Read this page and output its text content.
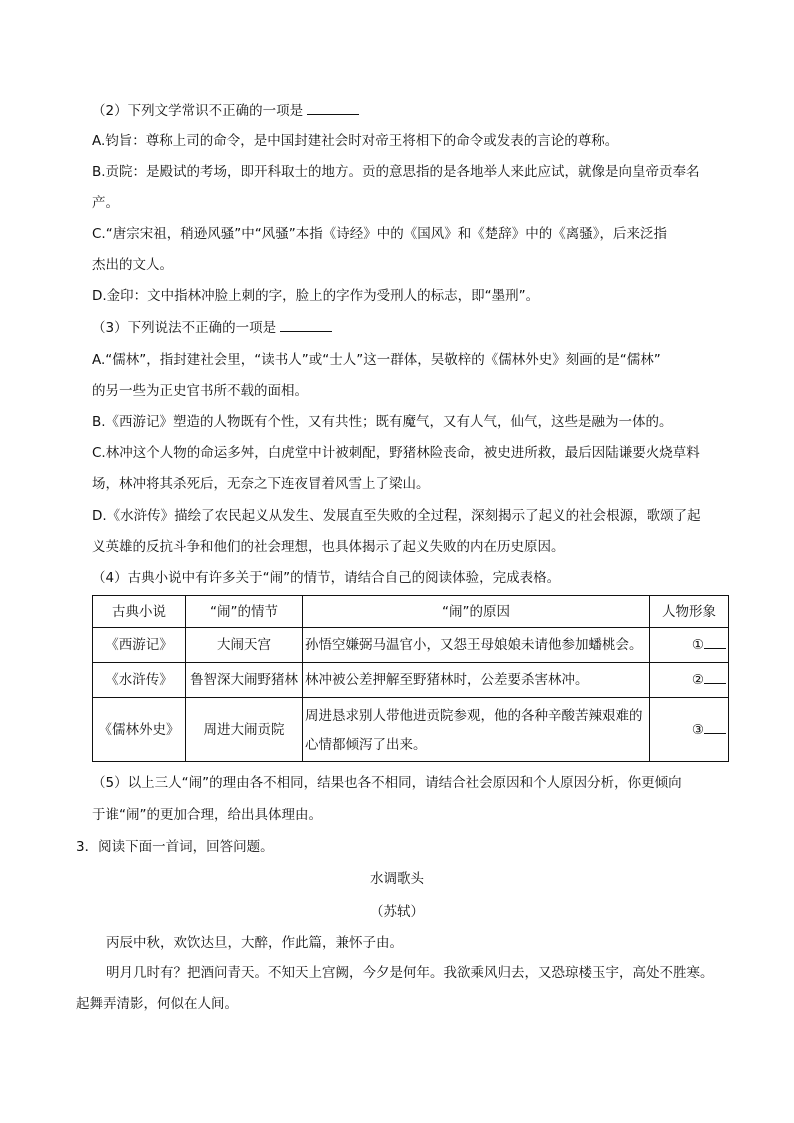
（2）下列文学常识不正确的一项是
A.钧旨：尊称上司的命令，是中国封建社会时对帝王将相下的命令或发表的言论的尊称。
B.贡院：是殿试的考场，即开科取士的地方。贡的意思指的是各地举人来此应试，就像是向皇帝贡奉名
产。
C.“唐宗宋祖，稍逊风骚”中“风骚”本指《诗经》中的《国风》和《楚辞》中的《离骚》，后来泛指
杰出的文人。
D.金印：文中指林冲脸上刺的字，脸上的字作为受刑人的标志，即“墨刑”。
（3）下列说法不正确的一项是
A.“儒林”，指封建社会里，“读书人”或“士人”这一群体，吴敬梓的《儒林外史》刻画的是“儒林”
的另一些为正史官书所不载的面相。
B.《西游记》塑造的人物既有个性，又有共性；既有魔气，又有人气，仙气，这些是融为一体的。
C.林冲这个人物的命运多舛，白虎堂中计被刺配，野猪林险丧命，被史进所救，最后因陆谦要火烧草料
场，林冲将其杀死后，无奈之下连夜冒着风雪上了梁山。
D.《水浒传》描绘了农民起义从发生、发展直至失败的全过程，深刻揭示了起义的社会根源，歌颂了起
义英雄的反抗斗争和他们的社会理想，也具体揭示了起义失败的内在历史原因。
（4）古典小说中有许多关于“闹”的情节，请结合自己的阅读体验，完成表格。
古典小说	“闹”的情节	“闹”的原因	人物形象
《西游记》	大闹天宫	孙悟空嫌弼马温官小，又怨王母娘娘未请他参加蟠桃会。	①
《水浒传》	鲁智深大闹野猪林	林冲被公差押解至野猪林时，公差要杀害林冲。	②
《儒林外史》	周进大闹贡院	周进恳求别人带他进贡院参观，他的各种辛酸苦辣艰难的
心情都倾泻了出来。	③
（5）以上三人“闹”的理由各不相同，结果也各不相同，请结合社会原因和个人原因分析，你更倾向
于谁“闹”的更加合理，给出具体理由。
3．阅读下面一首词，回答问题。
水调歌头
（苏轼）
丙辰中秋，欢饮达旦，大醉，作此篇，兼怀子由。
明月几时有？把酒问青天。不知天上宫阙，今夕是何年。我欲乘风归去，又恐琼楼玉宇，高处不胜寒。
起舞弄清影，何似在人间。
